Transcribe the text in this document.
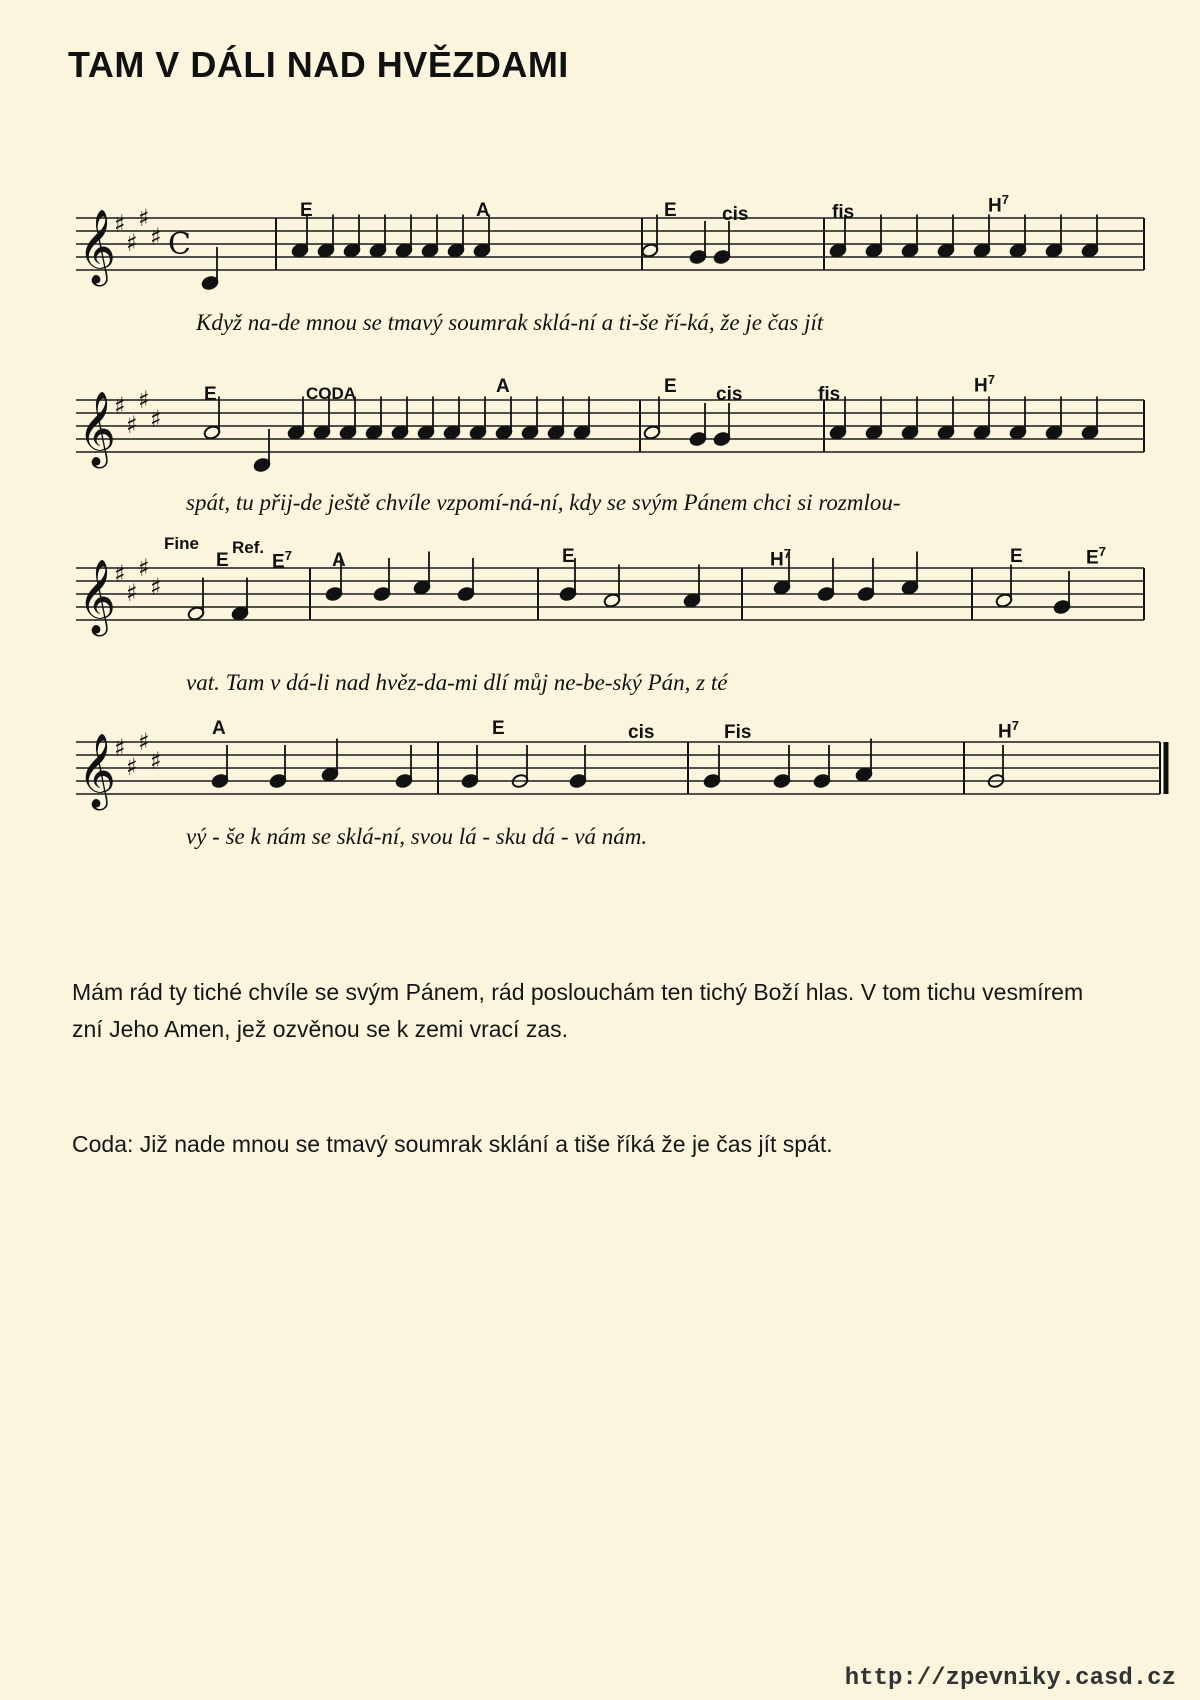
TAM V DÁLI NAD HVĚZDAMI
𝄞
♯
♯
♯
♯ C
E	A	E cis	fis	$H^7$
Když na-de mnou se tmavý soumrak sklá-ní a ti-še ří-ká, že je čas jít
𝄞
♯
♯
♯
♯
E	CODA	A	E cis	fis	$H^7$
spát, tu přij-de ještě chvíle vzpomí-ná-ní, kdy se svým Pánem chci si rozmlou-
𝄞
♯
♯
♯
♯
Fine
E
Ref.
$E^7$ A	E	$H^7$	E	$E^7$
vat. Tam v dá-li nad hvěz-da-mi dlí můj ne-be-ský Pán, z té
𝄞
♯
♯
♯
♯
A	E	cis	Fis	$H^7$
vý - še k nám se sklá-ní, svou lá - sku dá - vá nám.
Mám rád ty tiché chvíle se svým Pánem, rád poslouchám ten tichý Boží hlas. V tom tichu vesmírem zní Jeho Amen, jež ozvěnou se k zemi vrací zas.
Coda: Již nade mnou se tmavý soumrak sklání a tiše říká že je čas jít spát.
http://zpevniky.casd.cz
